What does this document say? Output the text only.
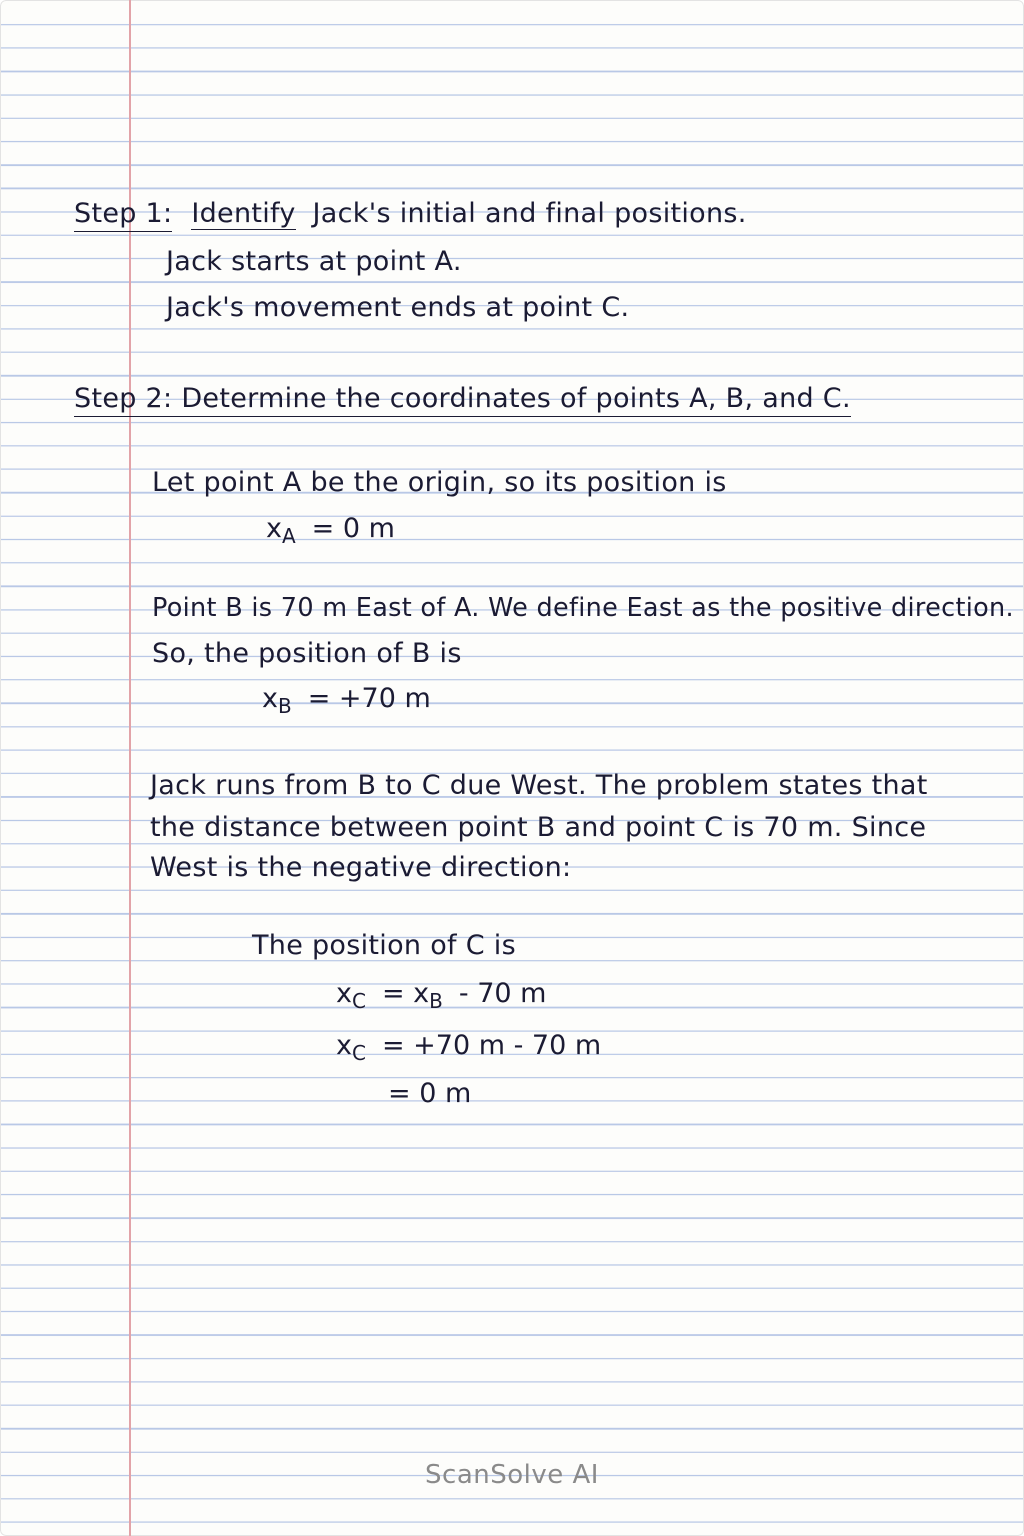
Step 1: Identify Jack's initial and final positions.
Jack starts at point A.
Jack's movement ends at point C.
Step 2: Determine the coordinates of points A, B, and C.
Let point A be the origin, so its position is
$x_A = 0$ m
Point B is 70 m East of A. We define East as the positive direction.
So, the position of B is
$x_B = +70$ m
Jack runs from B to C due West. The problem states that
the distance between point B and point C is 70 m. Since
West is the negative direction:
The position of C is
$x_C = x_B - 70$ m
$x_C = +70$ m - 70 m
= 0 m
ScanSolve AI
